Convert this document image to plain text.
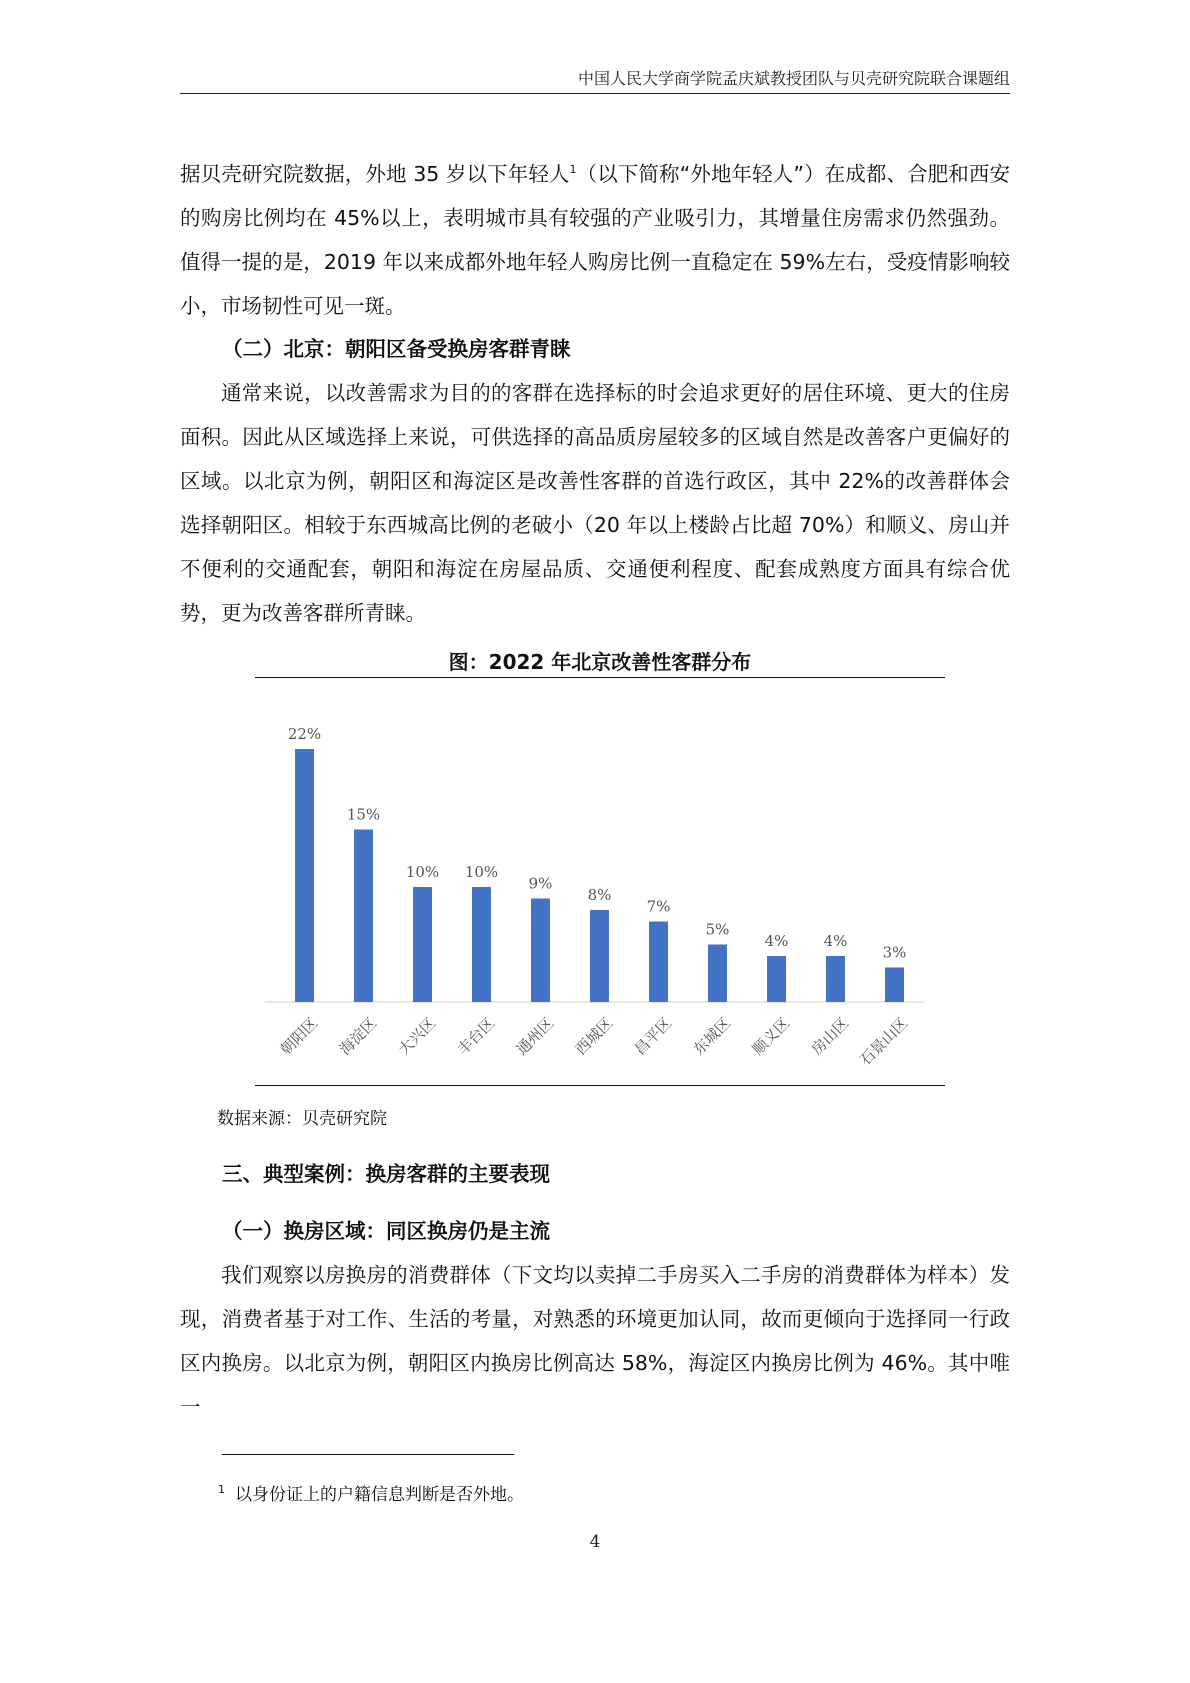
中国人民大学商学院孟庆斌教授团队与贝壳研究院联合课题组

据贝壳研究院数据，外地 35 岁以下年轻人$^1$（以下简称“外地年轻人”）在成都、合肥和西安的购房比例均在 45%以上，表明城市具有较强的产业吸引力，其增量住房需求仍然强劲。值得一提的是，2019 年以来成都外地年轻人购房比例一直稳定在 59%左右，受疫情影响较小，市场韧性可见一斑。

（二）北京：朝阳区备受换房客群青睐

通常来说，以改善需求为目的的客群在选择标的时会追求更好的居住环境、更大的住房面积。因此从区域选择上来说，可供选择的高品质房屋较多的区域自然是改善客户更偏好的区域。以北京为例，朝阳区和海淀区是改善性客群的首选行政区，其中 22%的改善群体会选择朝阳区。相较于东西城高比例的老破小（20 年以上楼龄占比超 70%）和顺义、房山并不便利的交通配套，朝阳和海淀在房屋品质、交通便利程度、配套成熟度方面具有综合优势，更为改善客群所青睐。

图：2022 年北京改善性客群分布
22%
朝阳区
15%
海淀区
10%
大兴区
10%
丰台区
9%
通州区
8%
西城区
7%
昌平区
5%
东城区
4%
顺义区
4%
房山区
3%
石景山区
数据来源：贝壳研究院
三、典型案例：换房客群的主要表现
（一）换房区域：同区换房仍是主流

我们观察以房换房的消费群体（下文均以卖掉二手房买入二手房的消费群体为样本）发现，消费者基于对工作、生活的考量，对熟悉的环境更加认同，故而更倾向于选择同一行政区内换房。以北京为例，朝阳区内换房比例高达 58%，海淀区内换房比例为 46%。其中唯一

$^1$ 以身份证上的户籍信息判断是否外地。
4
